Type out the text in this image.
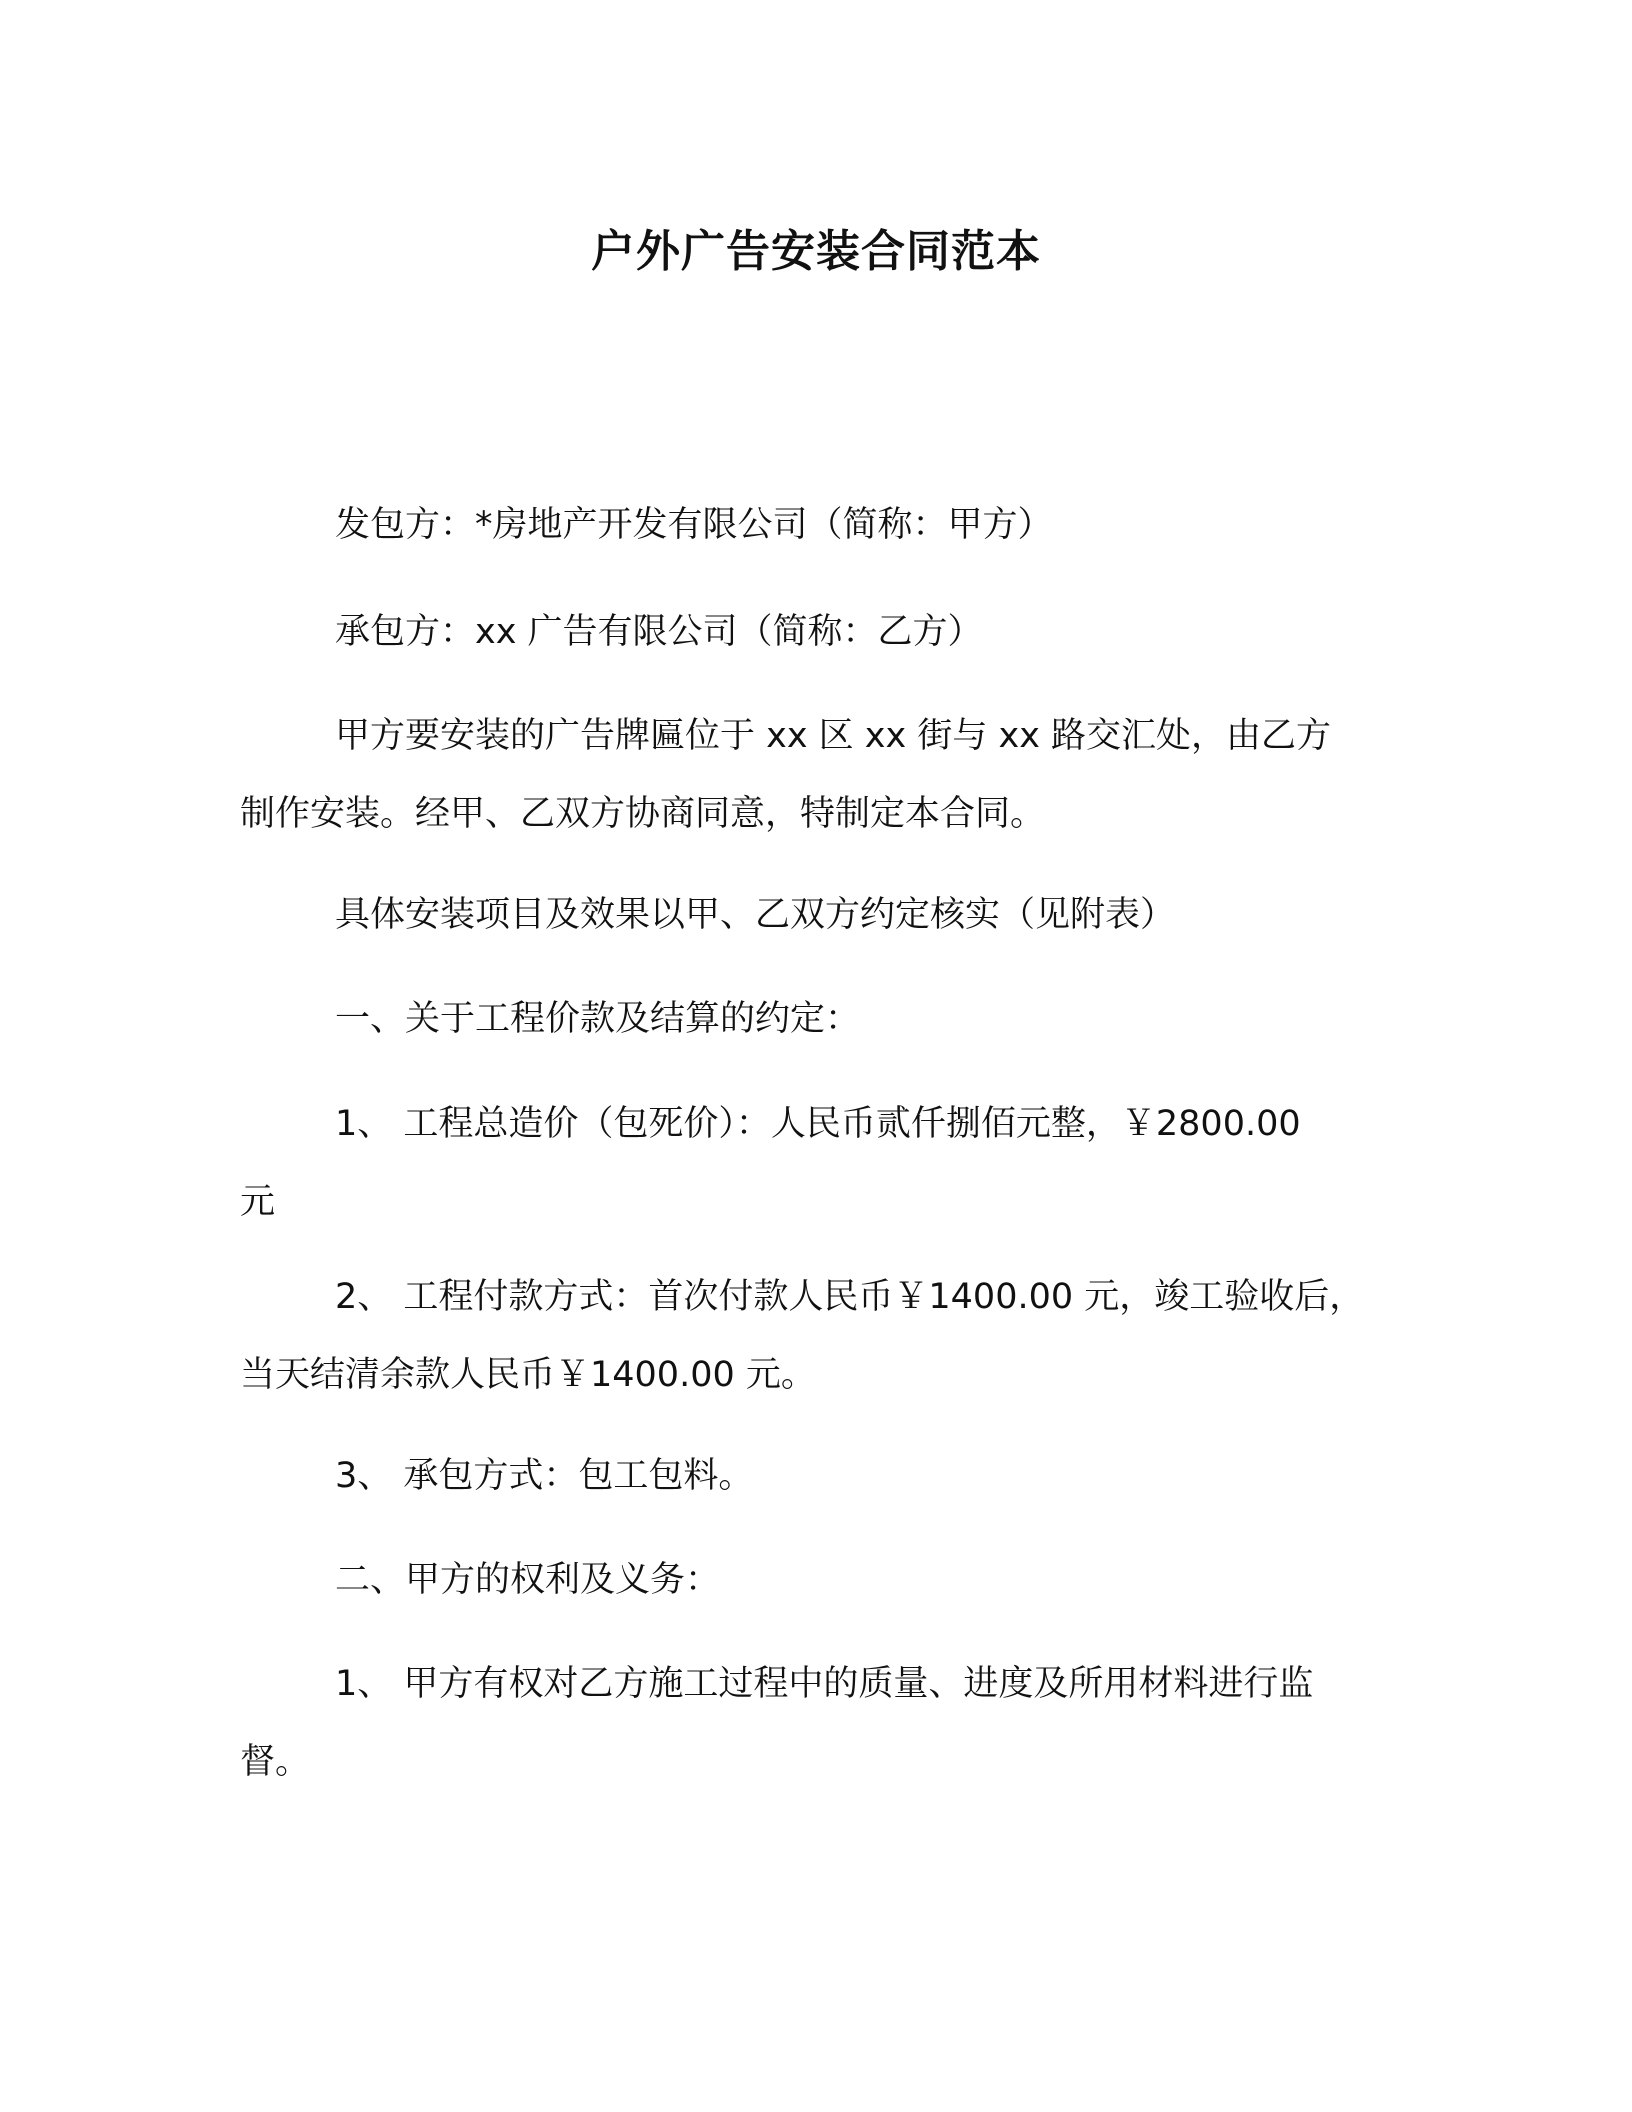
户外广告安装合同范本
发包方：*房地产开发有限公司（简称：甲方）
承包方：xx 广告有限公司（简称：乙方）
甲方要安装的广告牌匾位于 xx 区 xx 街与 xx 路交汇处，由乙方
制作安装。经甲、乙双方协商同意，特制定本合同。
具体安装项目及效果以甲、乙双方约定核实（见附表）
一、关于工程价款及结算的约定：
1、 工程总造价（包死价）：人民币贰仟捌佰元整，￥2800.00
元
2、 工程付款方式：首次付款人民币￥1400.00 元，竣工验收后，
当天结清余款人民币￥1400.00 元。
3、 承包方式：包工包料。
二、甲方的权利及义务：
1、 甲方有权对乙方施工过程中的质量、进度及所用材料进行监
督。
